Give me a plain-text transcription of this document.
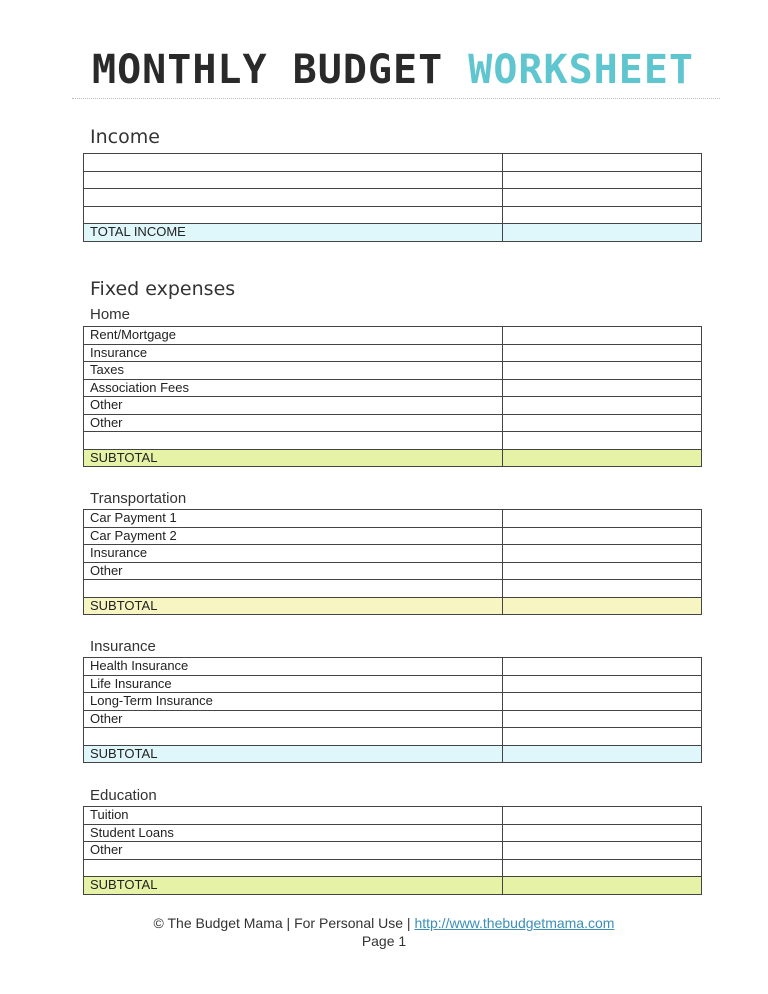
MONTHLY BUDGET WORKSHEET
Income

TOTAL INCOME	
Fixed expenses
Home
Rent/Mortgage	
Insurance	
Taxes	
Association Fees	
Other	
Other	

SUBTOTAL	
Transportation
Car Payment 1	
Car Payment 2	
Insurance	
Other	

SUBTOTAL	
Insurance
Health Insurance	
Life Insurance	
Long-Term Insurance	
Other	

SUBTOTAL	
Education
Tuition	
Student Loans	
Other	

SUBTOTAL	
© The Budget Mama | For Personal Use | http://www.thebudgetmama.com
Page 1
